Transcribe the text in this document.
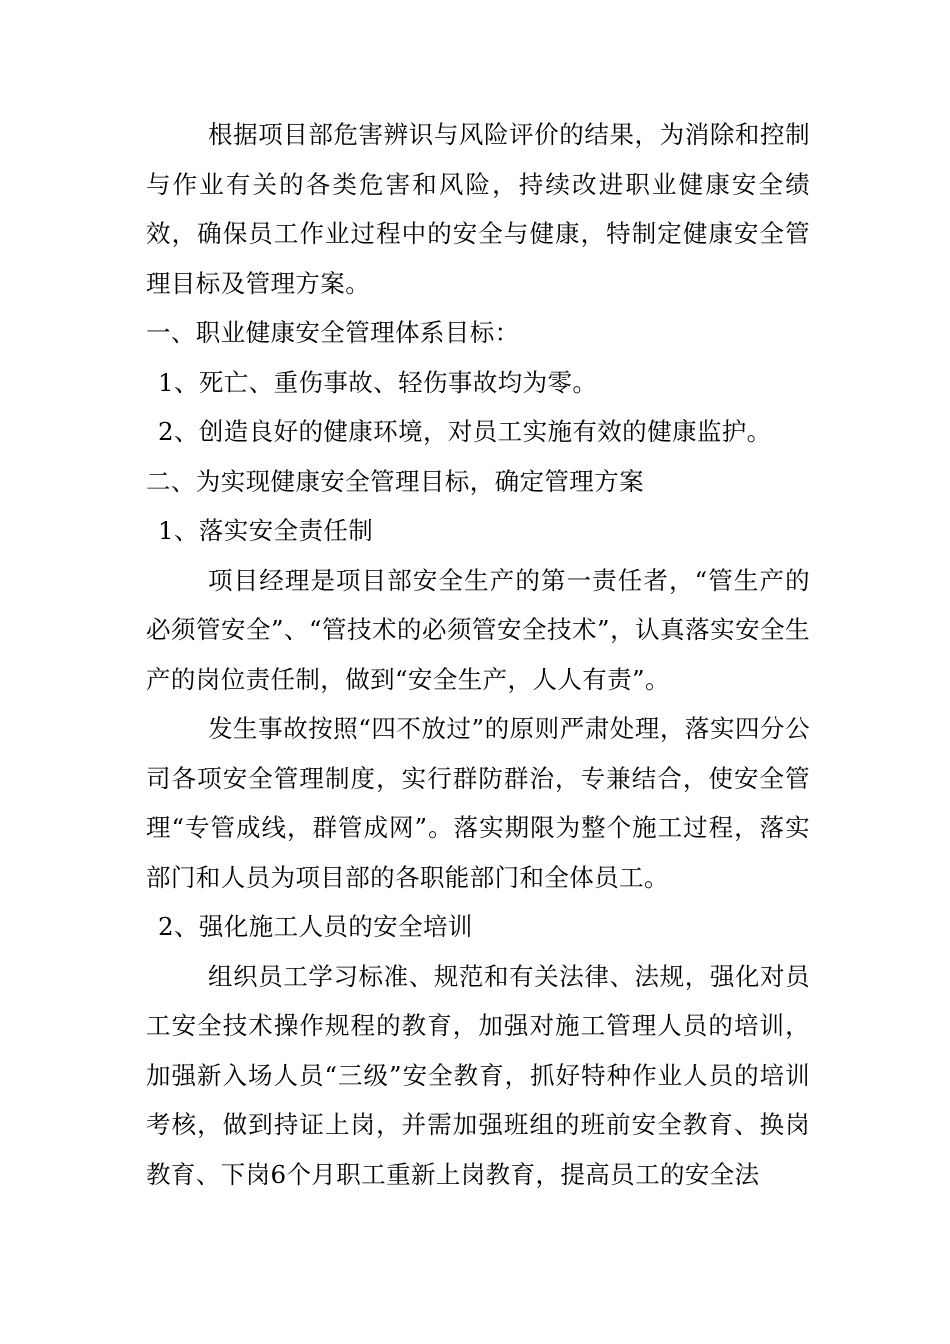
根据项目部危害辨识与风险评价的结果，为消除和控制与作业有关的各类危害和风险，持续改进职业健康安全绩效，确保员工作业过程中的安全与健康，特制定健康安全管理目标及管理方案。

一、职业健康安全管理体系目标：

1、死亡、重伤事故、轻伤事故均为零。

2、创造良好的健康环境，对员工实施有效的健康监护。

二、为实现健康安全管理目标，确定管理方案

1、落实安全责任制

项目经理是项目部安全生产的第一责任者，“管生产的必须管安全”、“管技术的必须管安全技术”，认真落实安全生产的岗位责任制，做到“安全生产，人人有责”。

发生事故按照“四不放过”的原则严肃处理，落实四分公司各项安全管理制度，实行群防群治，专兼结合，使安全管理“专管成线，群管成网”。落实期限为整个施工过程，落实部门和人员为项目部的各职能部门和全体员工。

2、强化施工人员的安全培训

组织员工学习标准、规范和有关法律、法规，强化对员工安全技术操作规程的教育，加强对施工管理人员的培训，加强新入场人员“三级”安全教育，抓好特种作业人员的培训考核，做到持证上岗，并需加强班组的班前安全教育、换岗教育、下岗6个月职工重新上岗教育，提高员工的安全法
